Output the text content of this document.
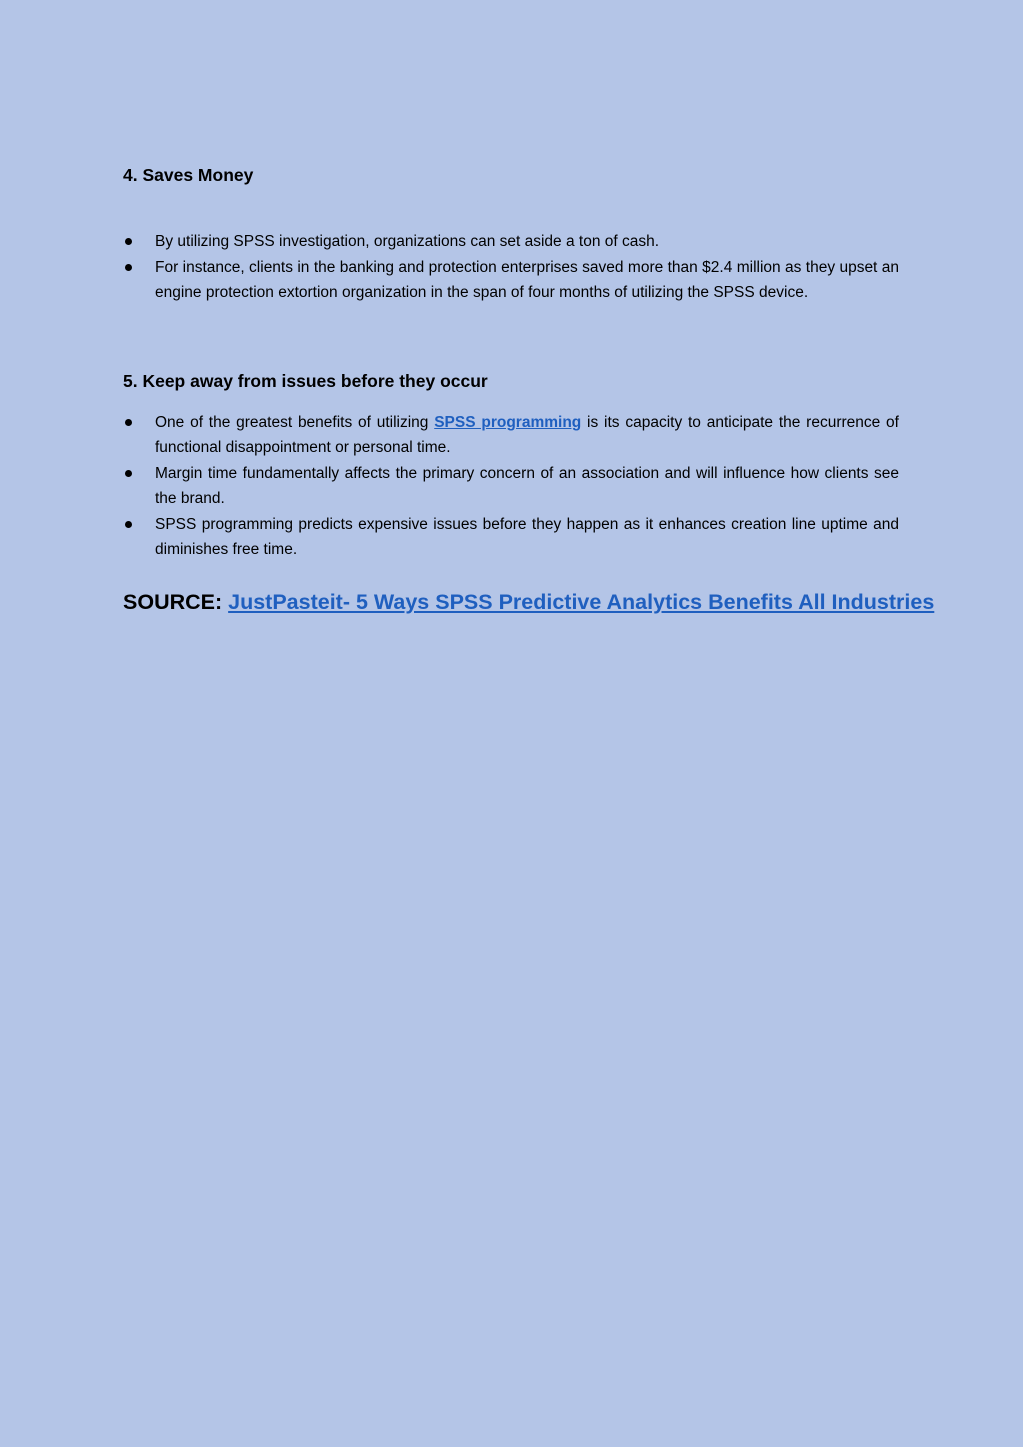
4. Saves Money
By utilizing SPSS investigation, organizations can set aside a ton of cash.
For instance, clients in the banking and protection enterprises saved more than $2.4 million as they upset an engine protection extortion organization in the span of four months of utilizing the SPSS device.
5. Keep away from issues before they occur
One of the greatest benefits of utilizing SPSS programming is its capacity to anticipate the recurrence of functional disappointment or personal time.
Margin time fundamentally affects the primary concern of an association and will influence how clients see the brand.
SPSS programming predicts expensive issues before they happen as it enhances creation line uptime and diminishes free time.

SOURCE: JustPasteit- 5 Ways SPSS Predictive Analytics Benefits All Industries
